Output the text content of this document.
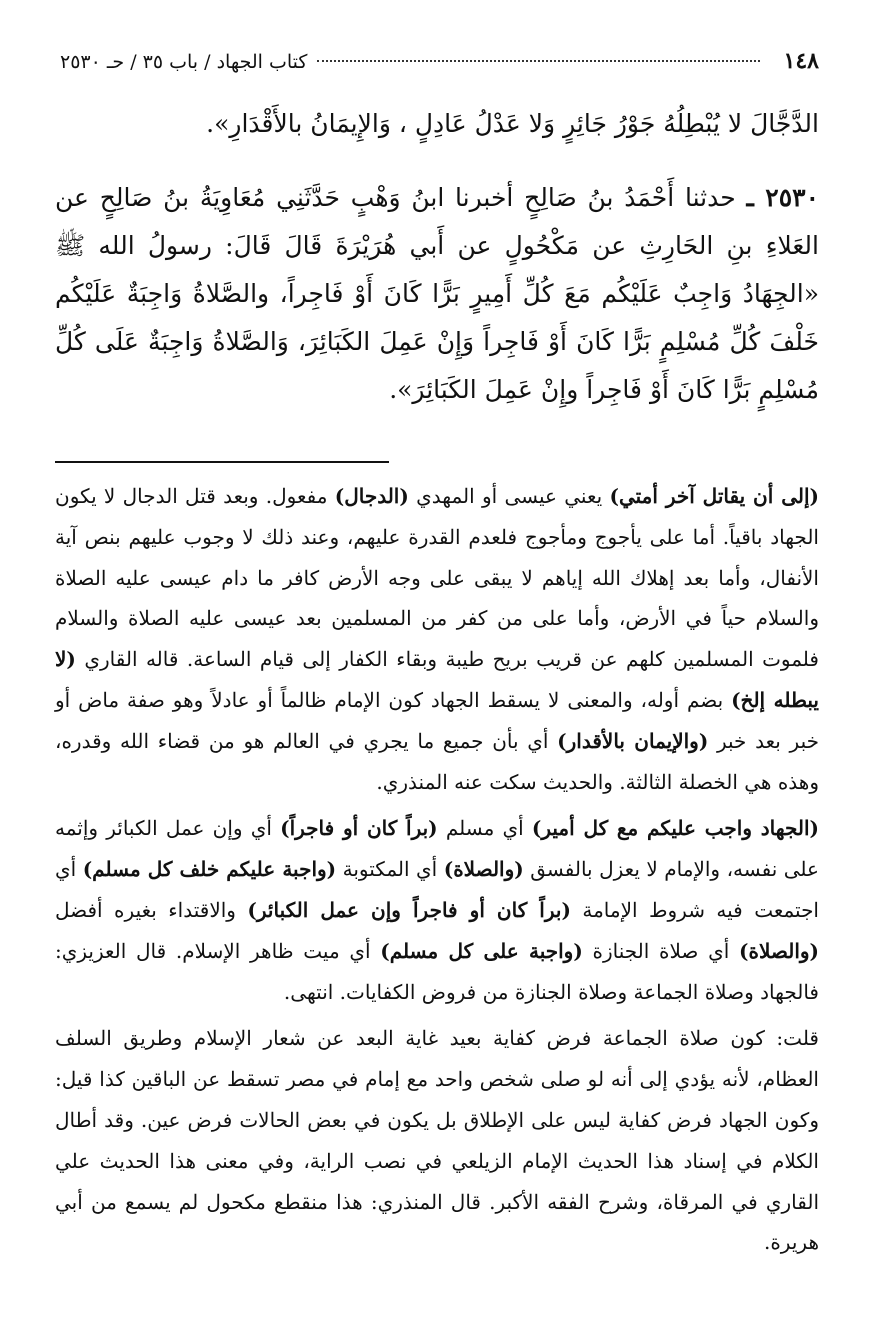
١٤٨
كتاب الجهاد / باب ٣٥ / حـ ٢٥٣٠

الدَّجَّالَ لا يُبْطِلُهُ جَوْرُ جَائِرٍ وَلا عَدْلُ عَادِلٍ ، وَالإِيمَانُ بالأَقْدَارِ».

٢٥٣٠ ـ حدثنا أَحْمَدُ بنُ صَالِحٍ أخبرنا ابنُ وَهْبٍ حَدَّثَنِي مُعَاوِيَةُ بنُ صَالِحٍ عن العَلاءِ بنِ الحَارِثِ عن مَكْحُولٍ عن أَبي هُرَيْرَةَ قَالَ قَالَ: رسولُ الله ﷺ «الجِهَادُ وَاجِبٌ عَلَيْكُم مَعَ كُلِّ أَمِيرٍ بَرًّا كَانَ أَوْ فَاجِراً، والصَّلاةُ وَاجِبَةٌ عَلَيْكُم خَلْفَ كُلِّ مُسْلِمٍ بَرًّا كَانَ أَوْ فَاجِراً وَإِنْ عَمِلَ الكَبَائِرَ، وَالصَّلاةُ وَاجِبَةٌ عَلَى كُلِّ مُسْلِمٍ بَرًّا كَانَ أَوْ فَاجِراً وإِنْ عَمِلَ الكَبَائِرَ».

(إلى أن يقاتل آخر أمتي) يعني عيسى أو المهدي (الدجال) مفعول. وبعد قتل الدجال لا يكون الجهاد باقياً. أما على يأجوج ومأجوج فلعدم القدرة عليهم، وعند ذلك لا وجوب عليهم بنص آية الأنفال، وأما بعد إهلاك الله إياهم لا يبقى على وجه الأرض كافر ما دام عيسى عليه الصلاة والسلام حياً في الأرض، وأما على من كفر من المسلمين بعد عيسى عليه الصلاة والسلام فلموت المسلمين كلهم عن قريب بريح طيبة وبقاء الكفار إلى قيام الساعة. قاله القاري (لا يبطله إلخ) بضم أوله، والمعنى لا يسقط الجهاد كون الإمام ظالماً أو عادلاً وهو صفة ماض أو خبر بعد خبر (والإيمان بالأقدار) أي بأن جميع ما يجري في العالم هو من قضاء الله وقدره، وهذه هي الخصلة الثالثة. والحديث سكت عنه المنذري.

(الجهاد واجب عليكم مع كل أمير) أي مسلم (براً كان أو فاجراً) أي وإن عمل الكبائر وإثمه على نفسه، والإمام لا يعزل بالفسق (والصلاة) أي المكتوبة (واجبة عليكم خلف كل مسلم) أي اجتمعت فيه شروط الإمامة (براً كان أو فاجراً وإن عمل الكبائر) والاقتداء بغيره أفضل (والصلاة) أي صلاة الجنازة (واجبة على كل مسلم) أي ميت ظاهر الإسلام. قال العزيزي: فالجهاد وصلاة الجماعة وصلاة الجنازة من فروض الكفايات. انتهى.

قلت: كون صلاة الجماعة فرض كفاية بعيد غاية البعد عن شعار الإسلام وطريق السلف العظام، لأنه يؤدي إلى أنه لو صلى شخص واحد مع إمام في مصر تسقط عن الباقين كذا قيل: وكون الجهاد فرض كفاية ليس على الإطلاق بل يكون في بعض الحالات فرض عين. وقد أطال الكلام في إسناد هذا الحديث الإمام الزيلعي في نصب الراية، وفي معنى هذا الحديث علي القاري في المرقاة، وشرح الفقه الأكبر. قال المنذري: هذا منقطع مكحول لم يسمع من أبي هريرة.
